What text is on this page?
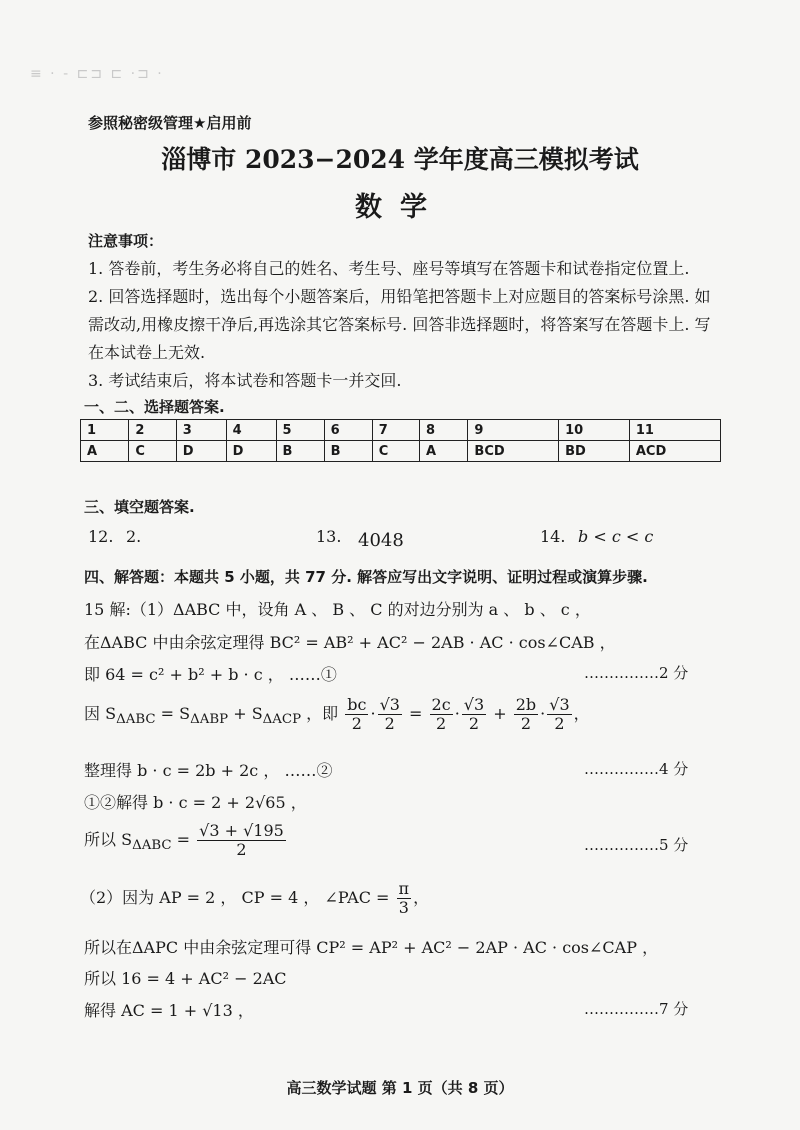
≡ · - ⊏⊐ ⊏ ·⊐ ·
参照秘密级管理★启用前
淄博市 2023−2024 学年度高三模拟考试
数学
注意事项：
1. 答卷前，考生务必将自己的姓名、考生号、座号等填写在答题卡和试卷指定位置上.
2. 回答选择题时，选出每个小题答案后，用铅笔把答题卡上对应题目的答案标号涂黑. 如
需改动,用橡皮擦干净后,再选涂其它答案标号. 回答非选择题时，将答案写在答题卡上. 写
在本试卷上无效.
3. 考试结束后，将本试卷和答题卡一并交回.
一、二、选择题答案.
1	2	3	4	5	6	7	8	9	10	11
A	C	D	D	B	B	C	A	BCD	BD	ACD
三、填空题答案.
12. 2.	13. 4048	14. b < c < c
四、解答题：本题共 5 小题，共 77 分. 解答应写出文字说明、证明过程或演算步骤.
15 解:（1）ΔABC 中，设角 A 、 B 、 C 的对边分别为 a 、 b 、 c ，
在ΔABC 中由余弦定理得 BC² = AB² + AC² − 2AB · AC · cos∠CAB ，
即 64 = c² + b² + b · c ， ……①	……………2 分
因 $S_{\Delta ABC} = S_{\Delta ABP} + S_{\Delta ACP}$ ，即 $\frac{bc}{2} \cdot \frac{√3}{2} = \frac{2c}{2} \cdot \frac{√3}{2} + \frac{2b}{2} \cdot \frac{√3}{2}$ ，
整理得 b · c = 2b + 2c ， ……②	……………4 分
①②解得 b · c = 2 + 2√65 ，
所以 $S_{\Delta ABC} = \frac{√3 + √195}{2}$	……………5 分
（2）因为 AP = 2 ， CP = 4 ， ∠PAC = $\frac{\pi}{3}$ ，
所以在ΔAPC 中由余弦定理可得 CP² = AP² + AC² − 2AP · AC · cos∠CAP ，
所以 16 = 4 + AC² − 2AC
解得 AC = 1 + √13 ，	……………7 分
高三数学试题 第 1 页（共 8 页）
